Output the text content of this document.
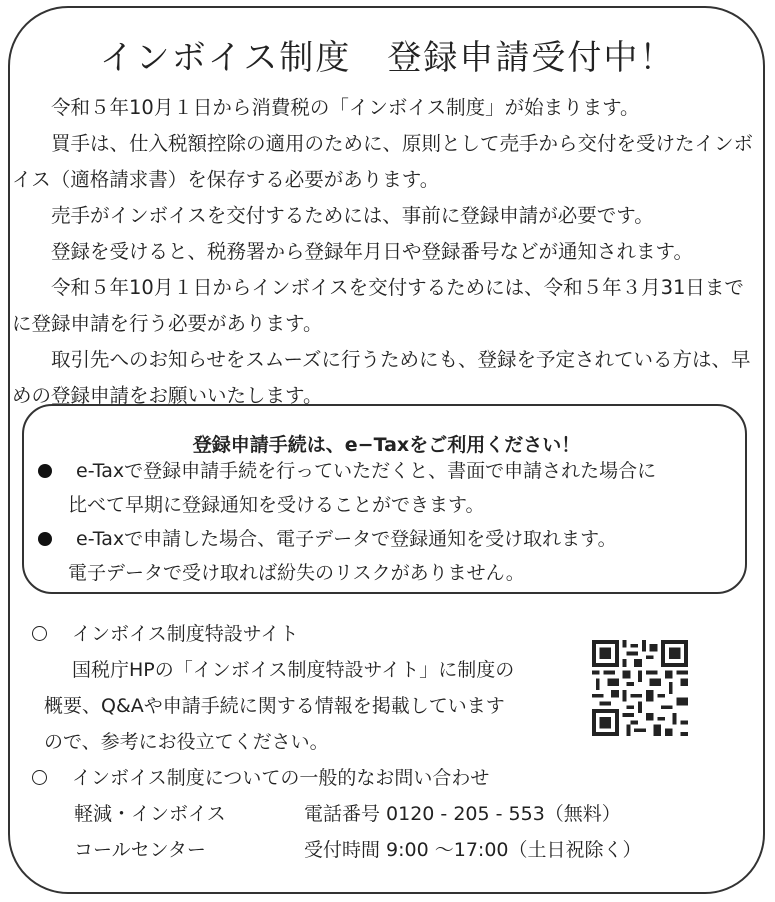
インボイス制度　登録申請受付中！

令和５年10月１日から消費税の「インボイス制度」が始まります。

買手は、仕入税額控除の適用のために、原則として売手から交付を受けたインボイス（適格請求書）を保存する必要があります。

売手がインボイスを交付するためには、事前に登録申請が必要です。

登録を受けると、税務署から登録年月日や登録番号などが通知されます。

令和５年10月１日からインボイスを交付するためには、令和５年３月31日までに登録申請を行う必要があります。

取引先へのお知らせをスムーズに行うためにも、登録を予定されている方は、早めの登録申請をお願いいたします。

登録申請手続は、e−Taxをご利用ください！
e-Taxで登録申請手続を行っていただくと、書面で申請された場合に
比べて早期に登録通知を受けることができます。
e-Taxで申請した場合、電子データで登録通知を受け取れます。
電子データで受け取れば紛失のリスクがありません。
インボイス制度特設サイト
国税庁HPの「インボイス制度特設サイト」に制度の
概要、Q&Aや申請手続に関する情報を掲載しています
ので、参考にお役立てください。
インボイス制度についての一般的なお問い合わせ
軽減・インボイス	電話番号 0120 - 205 - 553（無料）
コールセンター	受付時間 9:00 ～17:00（土日祝除く）
